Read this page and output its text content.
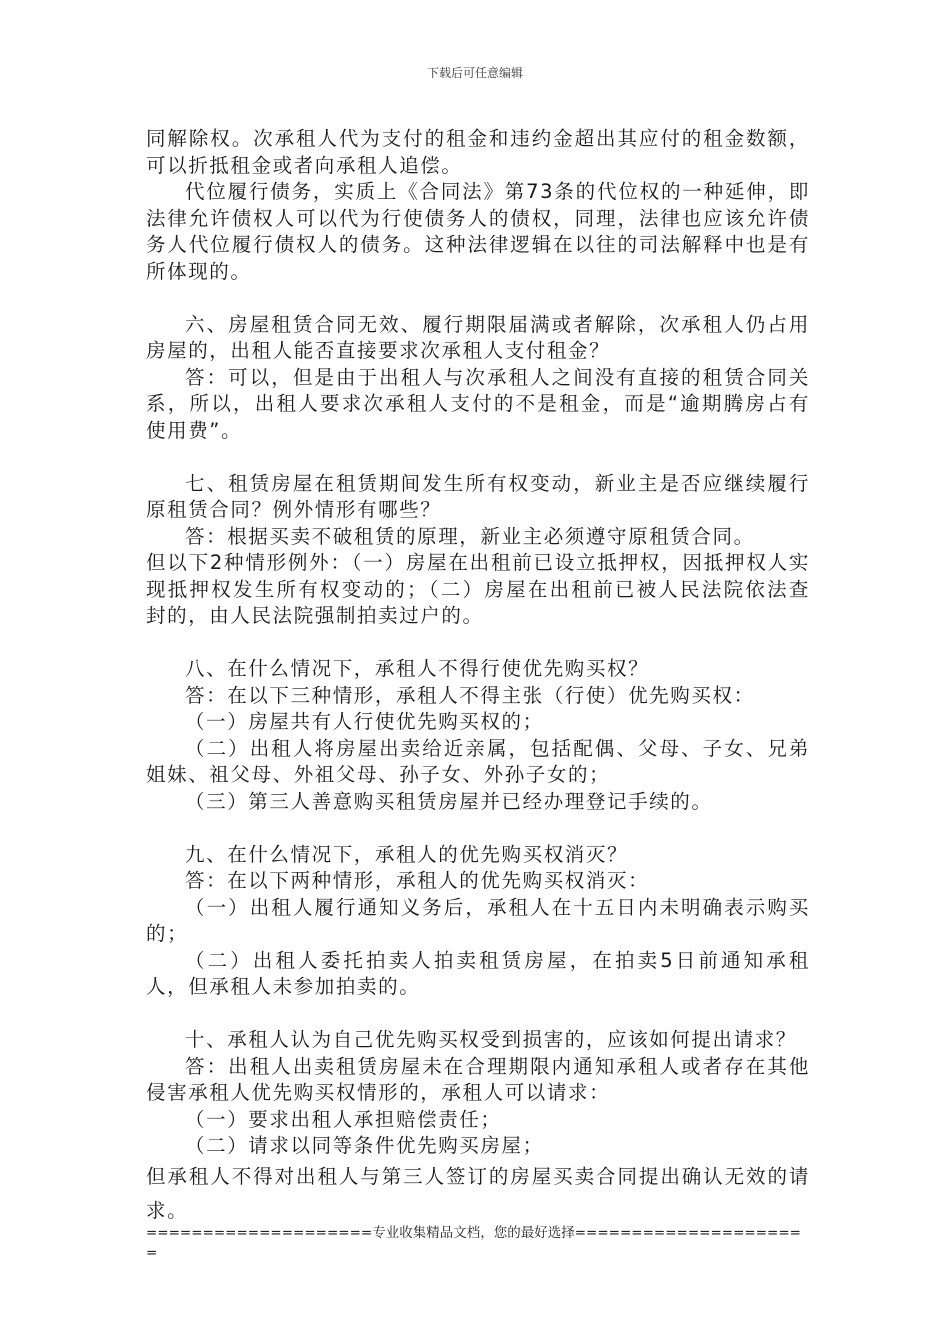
下载后可任意编辑

同解除权。次承租人代为支付的租金和违约金超出其应付的租金数额，可以折抵租金或者向承租人追偿。

代位履行债务，实质上《合同法》第73条的代位权的一种延伸，即法律允许债权人可以代为行使债务人的债权，同理，法律也应该允许债务人代位履行债权人的债务。这种法律逻辑在以往的司法解释中也是有所体现的。

六、房屋租赁合同无效、履行期限届满或者解除，次承租人仍占用房屋的，出租人能否直接要求次承租人支付租金？

答：可以，但是由于出租人与次承租人之间没有直接的租赁合同关系，所以，出租人要求次承租人支付的不是租金，而是“逾期腾房占有使用费”。

七、租赁房屋在租赁期间发生所有权变动，新业主是否应继续履行原租赁合同？例外情形有哪些？

答：根据买卖不破租赁的原理，新业主必须遵守原租赁合同。

但以下2种情形例外：（一）房屋在出租前已设立抵押权，因抵押权人实现抵押权发生所有权变动的；（二）房屋在出租前已被人民法院依法查封的，由人民法院强制拍卖过户的。

八、在什么情况下，承租人不得行使优先购买权？

答：在以下三种情形，承租人不得主张（行使）优先购买权：

（一）房屋共有人行使优先购买权的；

（二）出租人将房屋出卖给近亲属，包括配偶、父母、子女、兄弟姐妹、祖父母、外祖父母、孙子女、外孙子女的；

（三）第三人善意购买租赁房屋并已经办理登记手续的。

九、在什么情况下，承租人的优先购买权消灭？

答：在以下两种情形，承租人的优先购买权消灭：

（一）出租人履行通知义务后，承租人在十五日内未明确表示购买的；

（二）出租人委托拍卖人拍卖租赁房屋，在拍卖5日前通知承租人，但承租人未参加拍卖的。

十、承租人认为自己优先购买权受到损害的，应该如何提出请求？

答：出租人出卖租赁房屋未在合理期限内通知承租人或者存在其他侵害承租人优先购买权情形的，承租人可以请求：

（一）要求出租人承担赔偿责任；

（二）请求以同等条件优先购买房屋；

但承租人不得对出租人与第三人签订的房屋买卖合同提出确认无效的请求。

====================专业收集精品文档，您的最好选择=====================
